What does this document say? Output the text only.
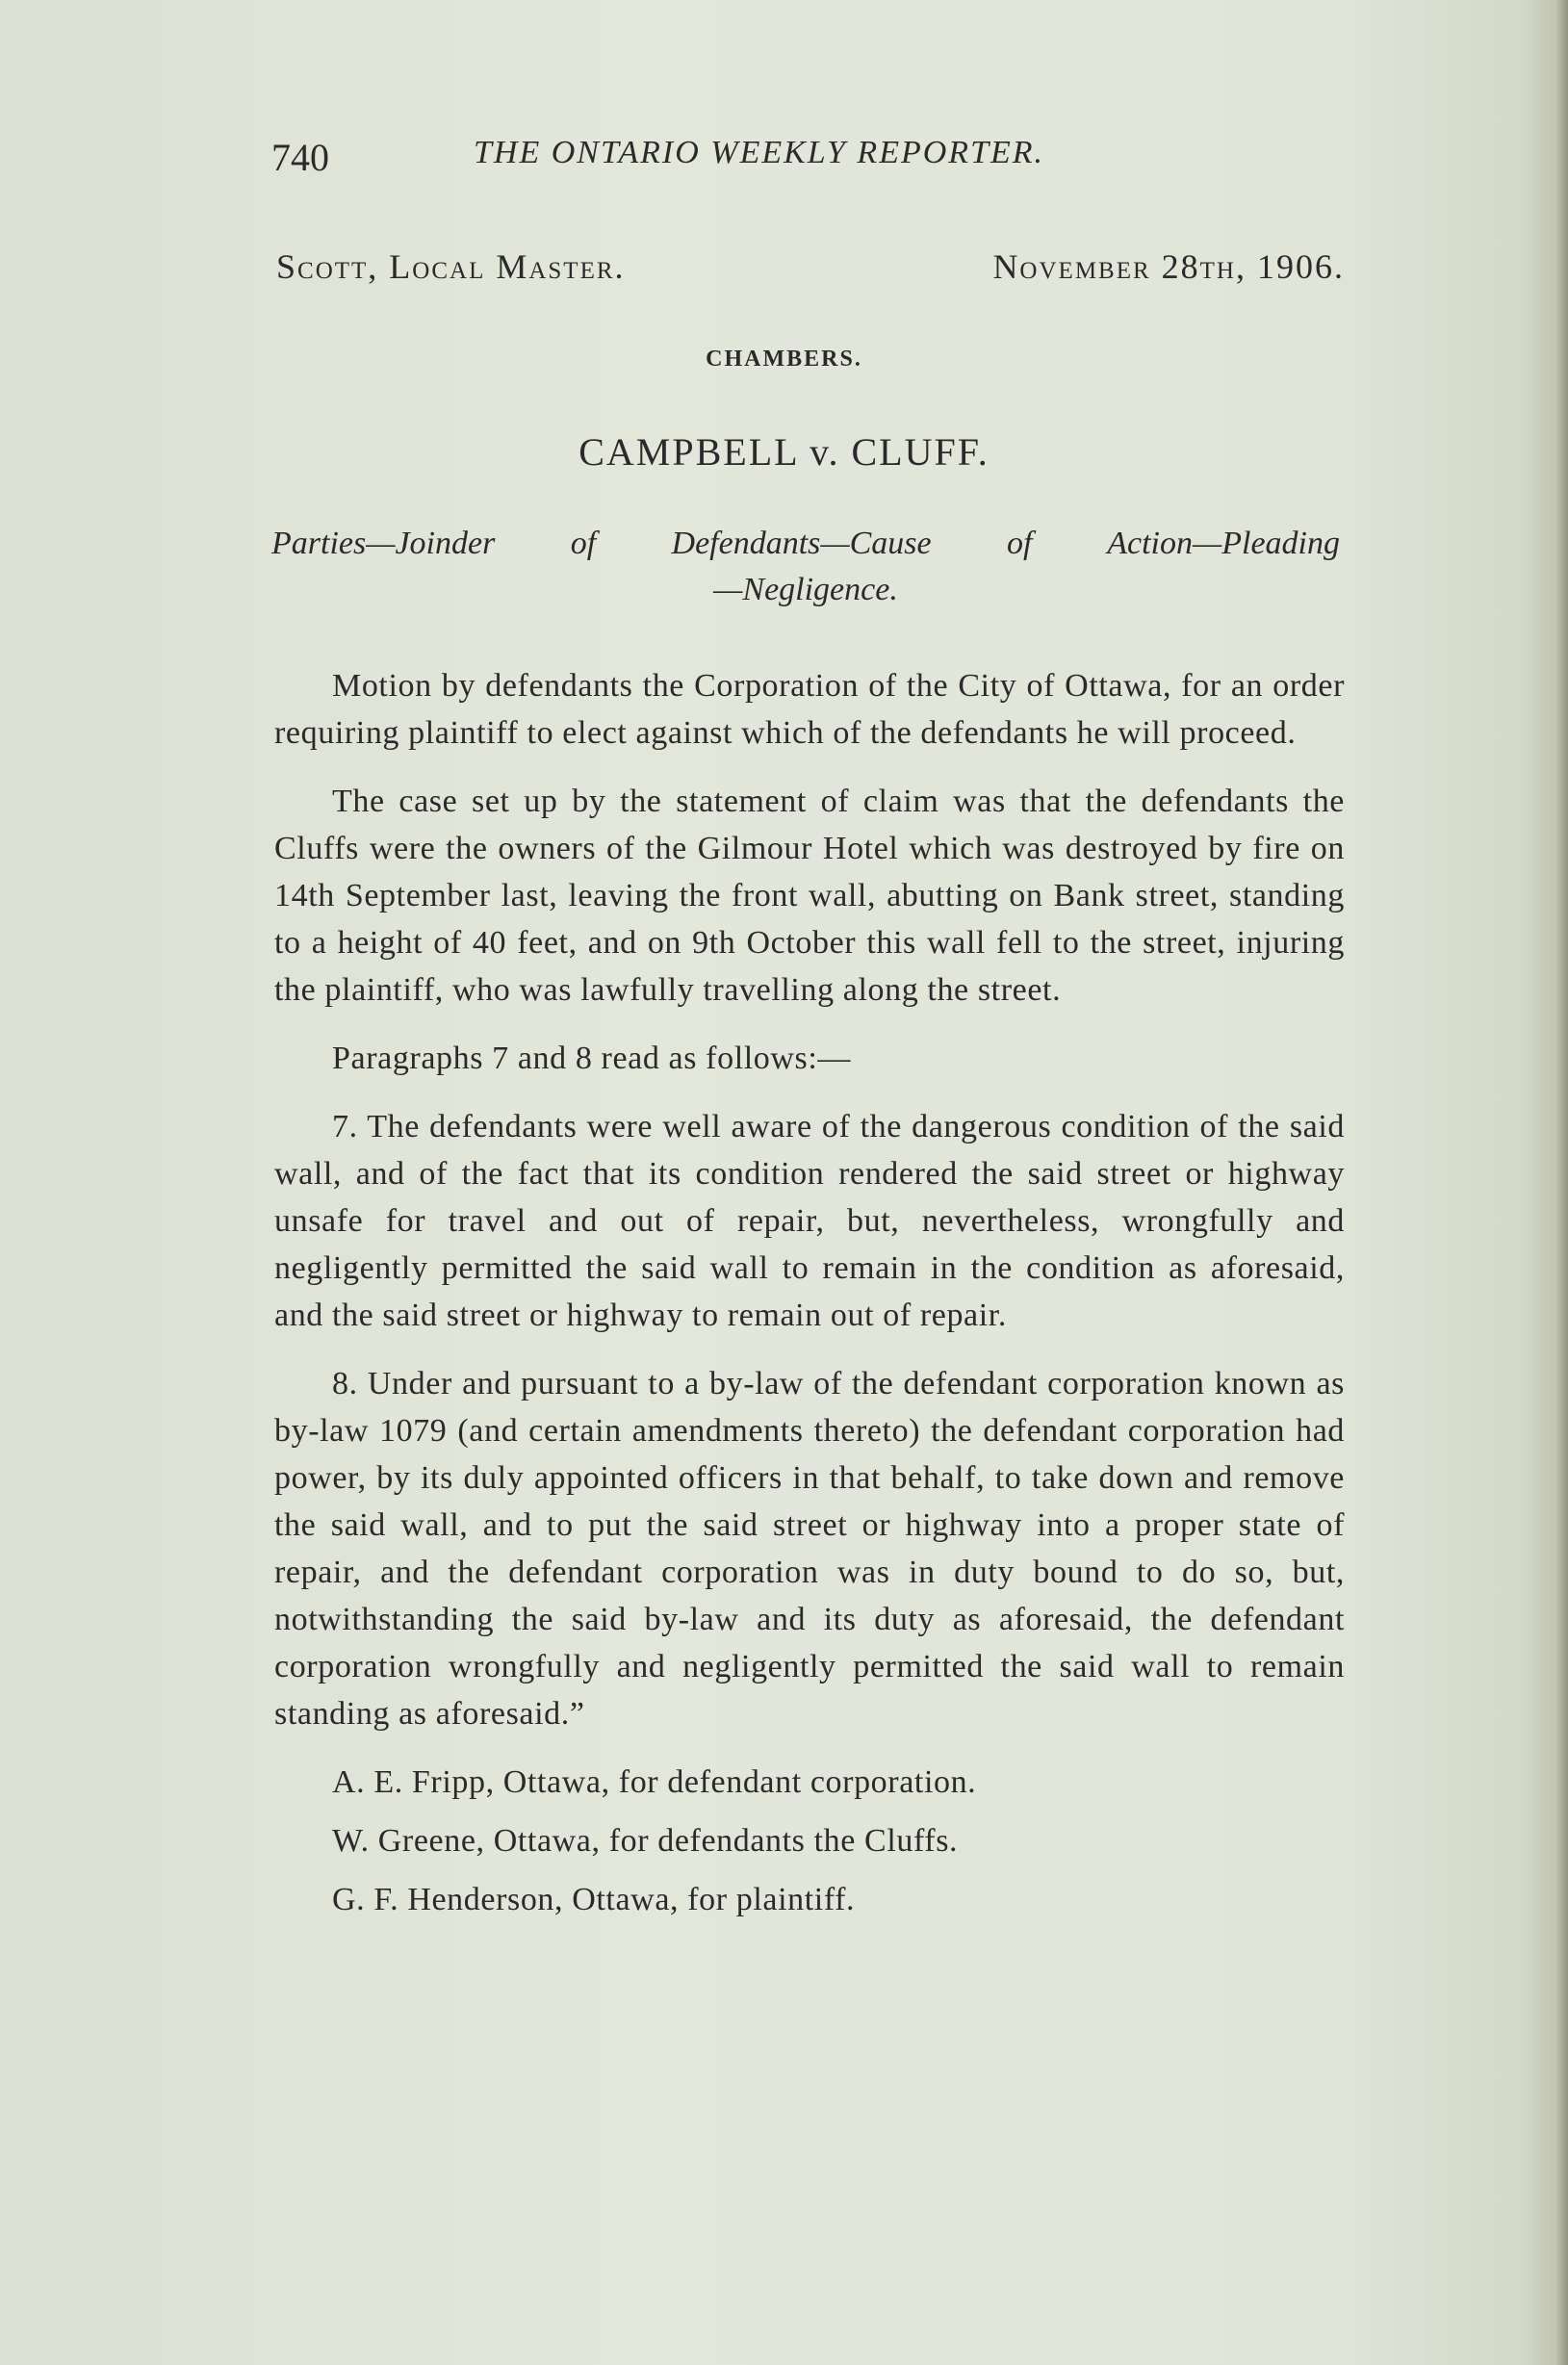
740	THE ONTARIO WEEKLY REPORTER.
Scott, Local Master.	November 28th, 1906.
CHAMBERS.
CAMPBELL v. CLUFF.
Parties—Joinder of Defendants—Cause of Action—Pleading
—Negligence.

Motion by defendants the Corporation of the City of Ottawa, for an order requiring plaintiff to elect against which of the defendants he will proceed.

The case set up by the statement of claim was that the defendants the Cluffs were the owners of the Gilmour Hotel which was destroyed by fire on 14th September last, leaving the front wall, abutting on Bank street, standing to a height of 40 feet, and on 9th October this wall fell to the street, injuring the plaintiff, who was lawfully travelling along the street.

Paragraphs 7 and 8 read as follows:—

7. The defendants were well aware of the dangerous condition of the said wall, and of the fact that its condition rendered the said street or highway unsafe for travel and out of repair, but, nevertheless, wrongfully and negligently permitted the said wall to remain in the condition as aforesaid, and the said street or highway to remain out of repair.

8. Under and pursuant to a by-law of the defendant corporation known as by-law 1079 (and certain amendments thereto) the defendant corporation had power, by its duly appointed officers in that behalf, to take down and remove the said wall, and to put the said street or highway into a proper state of repair, and the defendant corporation was in duty bound to do so, but, notwithstanding the said by-law and its duty as aforesaid, the defendant corporation wrongfully and negligently permitted the said wall to remain standing as aforesaid.”

A. E. Fripp, Ottawa, for defendant corporation.

W. Greene, Ottawa, for defendants the Cluffs.

G. F. Henderson, Ottawa, for plaintiff.
